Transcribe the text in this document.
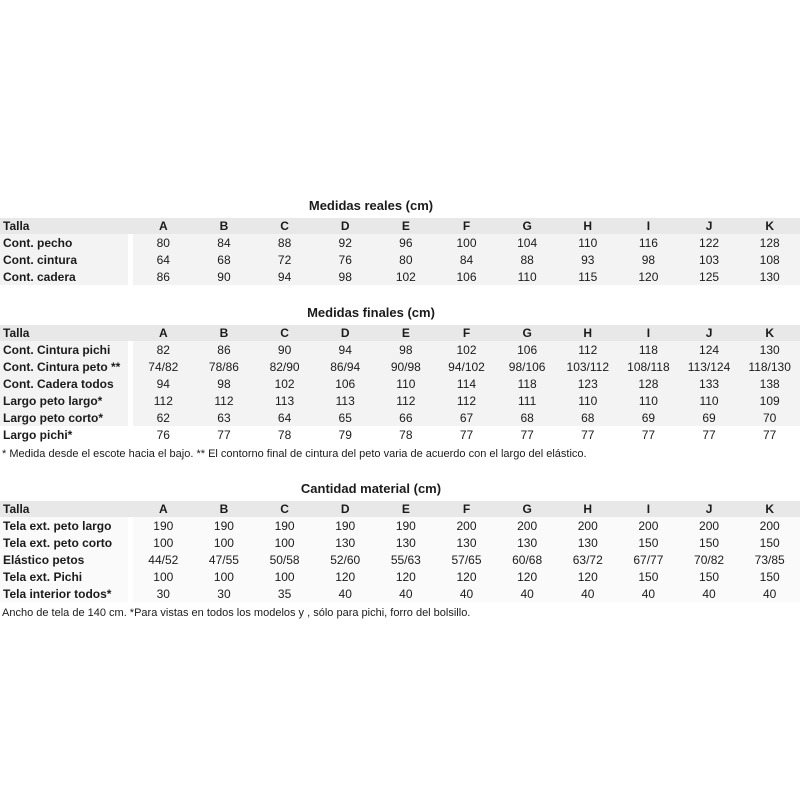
Medidas reales (cm)
Talla	A	B	C	D	E	F	G	H	I	J	K
Cont. pecho	80	84	88	92	96	100	104	110	116	122	128
Cont. cintura	64	68	72	76	80	84	88	93	98	103	108
Cont. cadera	86	90	94	98	102	106	110	115	120	125	130
Medidas finales (cm)
Talla	A	B	C	D	E	F	G	H	I	J	K
Cont. Cintura pichi	82	86	90	94	98	102	106	112	118	124	130
Cont. Cintura peto **	74/82	78/86	82/90	86/94	90/98	94/102	98/106	103/112	108/118	113/124	118/130
Cont. Cadera todos	94	98	102	106	110	114	118	123	128	133	138
Largo peto largo*	112	112	113	113	112	112	111	110	110	110	109
Largo peto corto*	62	63	64	65	66	67	68	68	69	69	70
Largo pichi*	76	77	78	79	78	77	77	77	77	77	77
* Medida desde el escote hacia el bajo. ** El contorno final de cintura del peto varia de acuerdo con el largo del elástico.
Cantidad material (cm)
Talla	A	B	C	D	E	F	G	H	I	J	K
Tela ext. peto largo	190	190	190	190	190	200	200	200	200	200	200
Tela ext. peto corto	100	100	100	130	130	130	130	130	150	150	150
Elástico petos	44/52	47/55	50/58	52/60	55/63	57/65	60/68	63/72	67/77	70/82	73/85
Tela ext. Pichi	100	100	100	120	120	120	120	120	150	150	150
Tela interior todos*	30	30	35	40	40	40	40	40	40	40	40
Ancho de tela de 140 cm. *Para vistas en todos los modelos y , sólo para pichi, forro del bolsillo.
